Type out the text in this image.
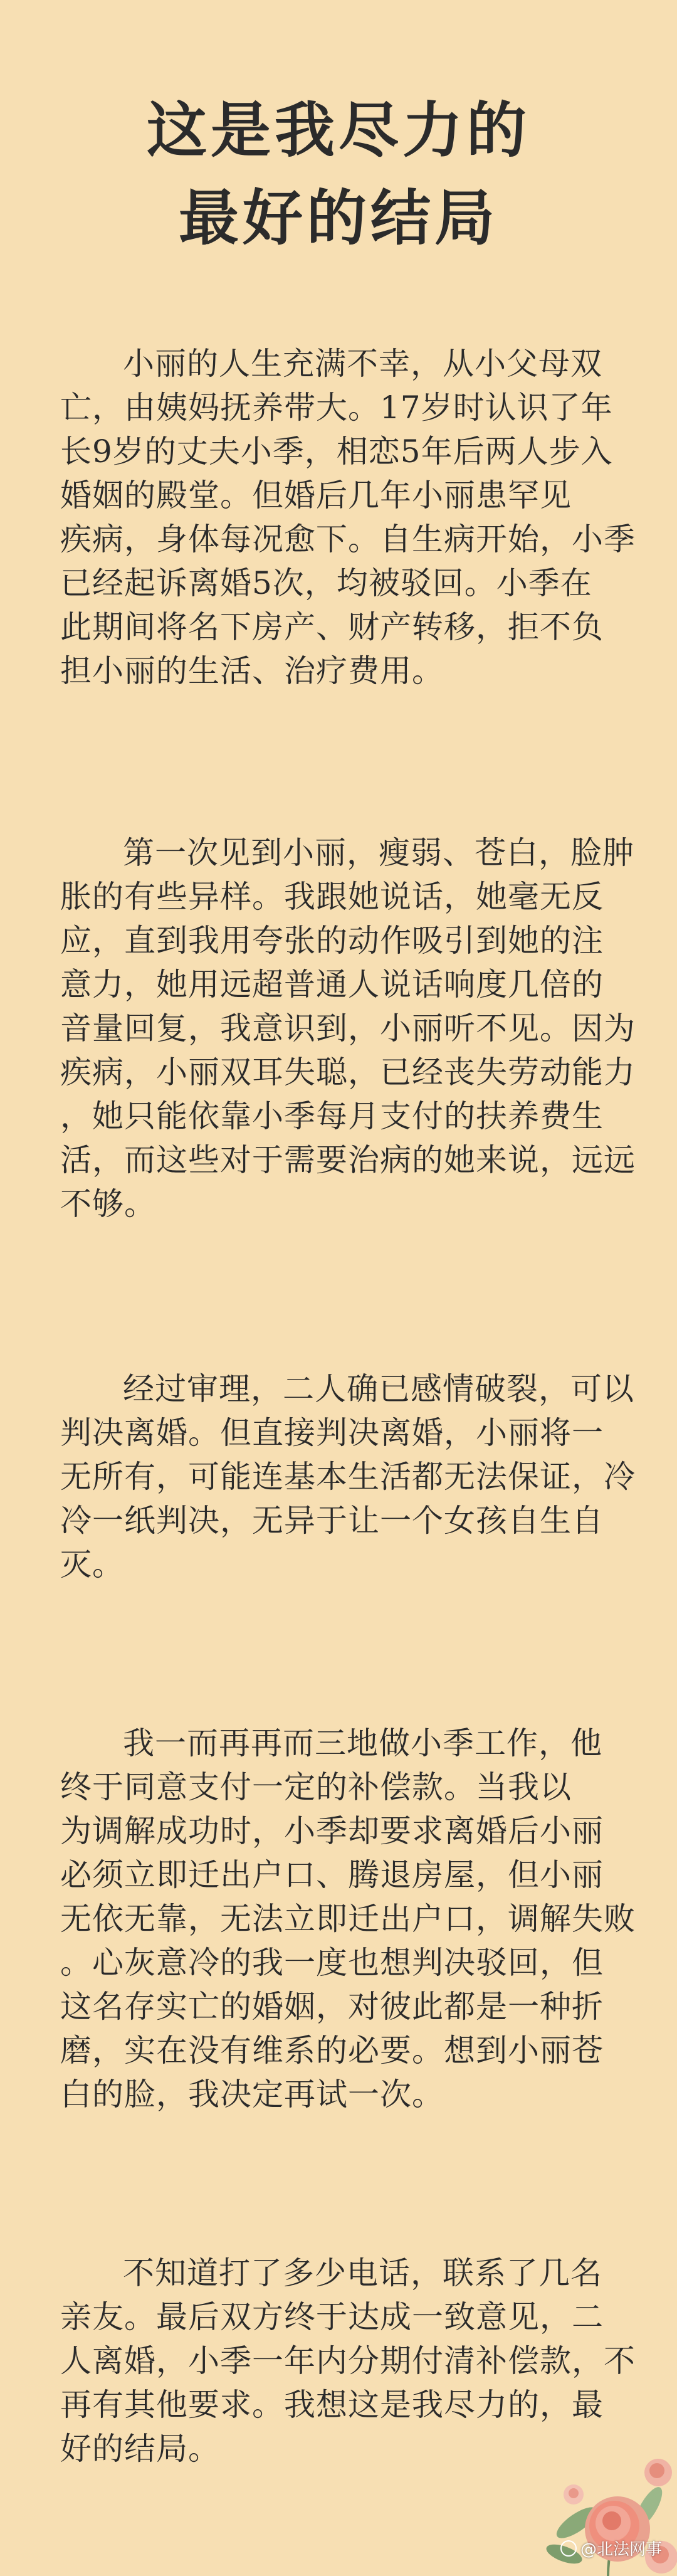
这是我尽力的
最好的结局
小丽的人生充满不幸，从小父母双
亡，由姨妈抚养带大。17岁时认识了年
长9岁的丈夫小季，相恋5年后两人步入
婚姻的殿堂。但婚后几年小丽患罕见
疾病，身体每况愈下。自生病开始，小季
已经起诉离婚5次，均被驳回。小季在
此期间将名下房产、财产转移，拒不负
担小丽的生活、治疗费用。
第一次见到小丽，瘦弱、苍白，脸肿
胀的有些异样。我跟她说话，她毫无反
应，直到我用夸张的动作吸引到她的注
意力，她用远超普通人说话响度几倍的
音量回复，我意识到，小丽听不见。因为
疾病，小丽双耳失聪，已经丧失劳动能力
，她只能依靠小季每月支付的扶养费生
活，而这些对于需要治病的她来说，远远
不够。
经过审理，二人确已感情破裂，可以
判决离婚。但直接判决离婚，小丽将一
无所有，可能连基本生活都无法保证，冷
冷一纸判决，无异于让一个女孩自生自
灭。
我一而再再而三地做小季工作，他
终于同意支付一定的补偿款。当我以
为调解成功时，小季却要求离婚后小丽
必须立即迁出户口、腾退房屋，但小丽
无依无靠，无法立即迁出户口，调解失败
。心灰意冷的我一度也想判决驳回，但
这名存实亡的婚姻，对彼此都是一种折
磨，实在没有维系的必要。想到小丽苍
白的脸，我决定再试一次。
不知道打了多少电话，联系了几名
亲友。最后双方终于达成一致意见，二
人离婚，小季一年内分期付清补偿款，不
再有其他要求。我想这是我尽力的，最
好的结局。
@北法网事
